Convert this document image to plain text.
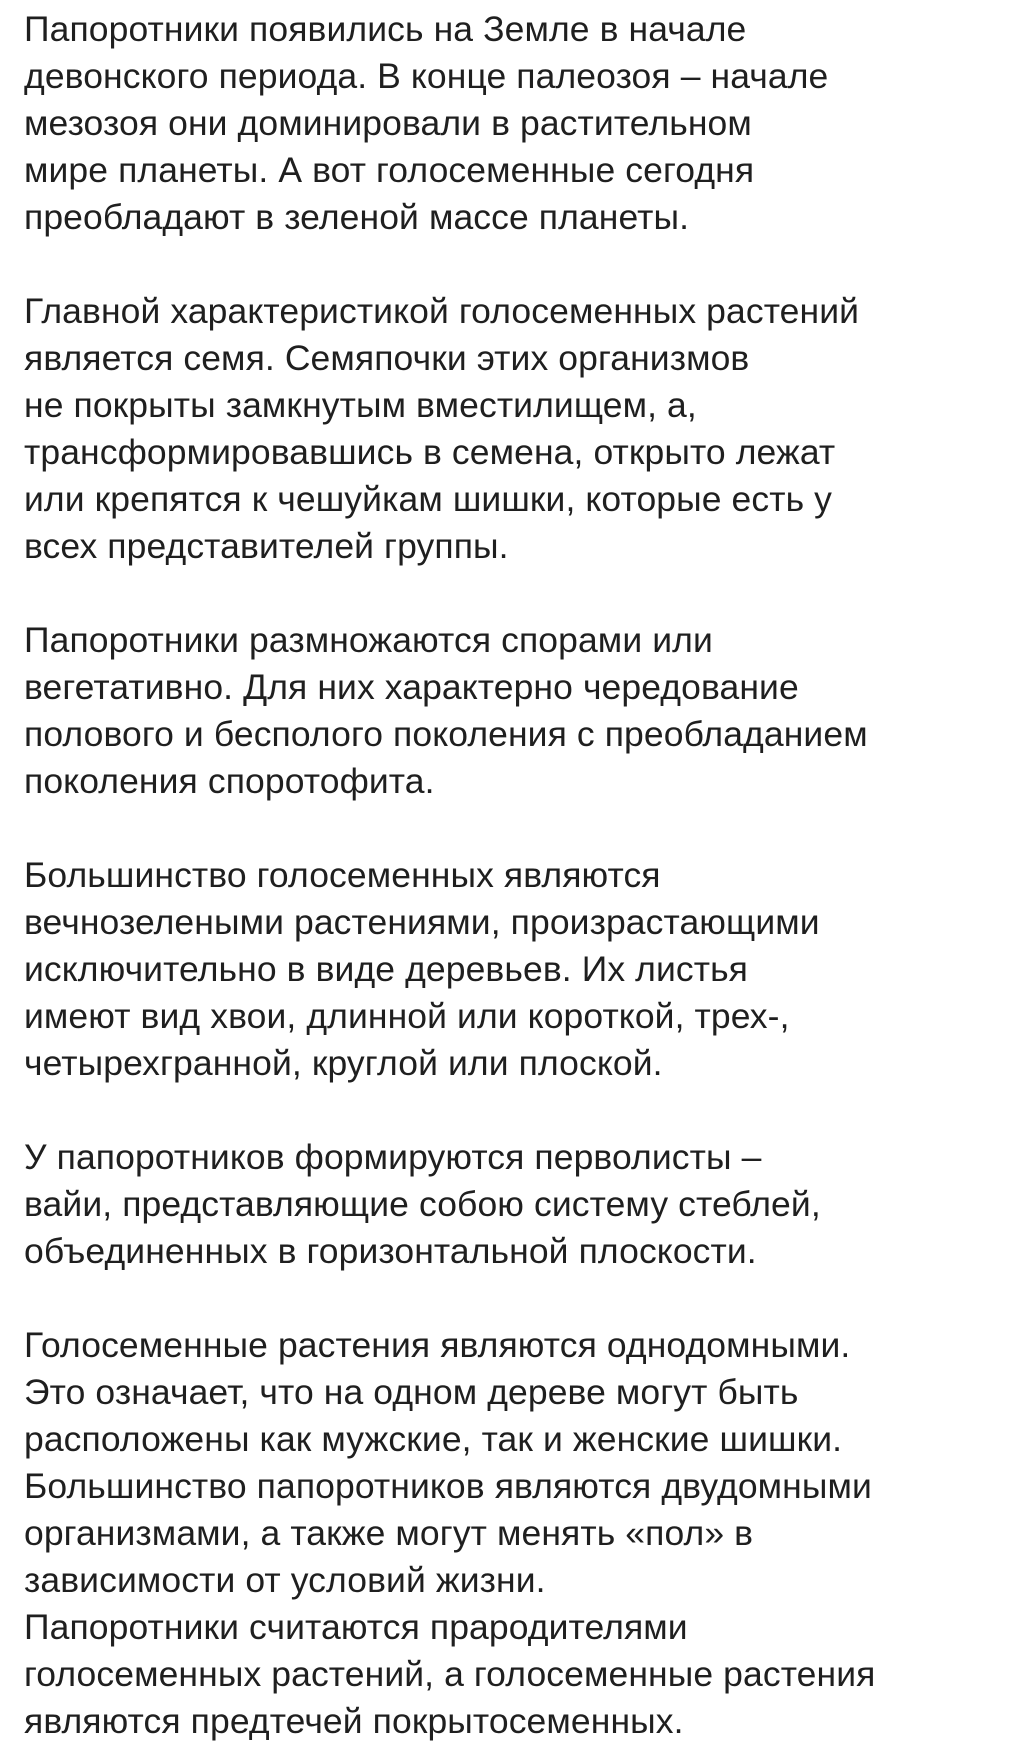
Папоротники появились на Земле в начале
девонского периода. В конце палеозоя – начале
мезозоя они доминировали в растительном
мире планеты. А вот голосеменные сегодня
преобладают в зеленой массе планеты.

Главной характеристикой голосеменных растений
является семя. Семяпочки этих организмов
не покрыты замкнутым вместилищем, а,
трансформировавшись в семена, открыто лежат
или крепятся к чешуйкам шишки, которые есть у
всех представителей группы.

Папоротники размножаются спорами или
вегетативно. Для них характерно чередование
полового и бесполого поколения с преобладанием
поколения споротофита.

Большинство голосеменных являются
вечнозелеными растениями, произрастающими
исключительно в виде деревьев. Их листья
имеют вид хвои, длинной или короткой, трех-,
четырехгранной, круглой или плоской.

У папоротников формируются перволисты –
вайи, представляющие собою систему стеблей,
объединенных в горизонтальной плоскости.

Голосеменные растения являются однодомными.
Это означает, что на одном дереве могут быть
расположены как мужские, так и женские шишки.
Большинство папоротников являются двудомными
организмами, а также могут менять «пол» в
зависимости от условий жизни.

Папоротники считаются прародителями
голосеменных растений, а голосеменные растения
являются предтечей покрытосеменных.
